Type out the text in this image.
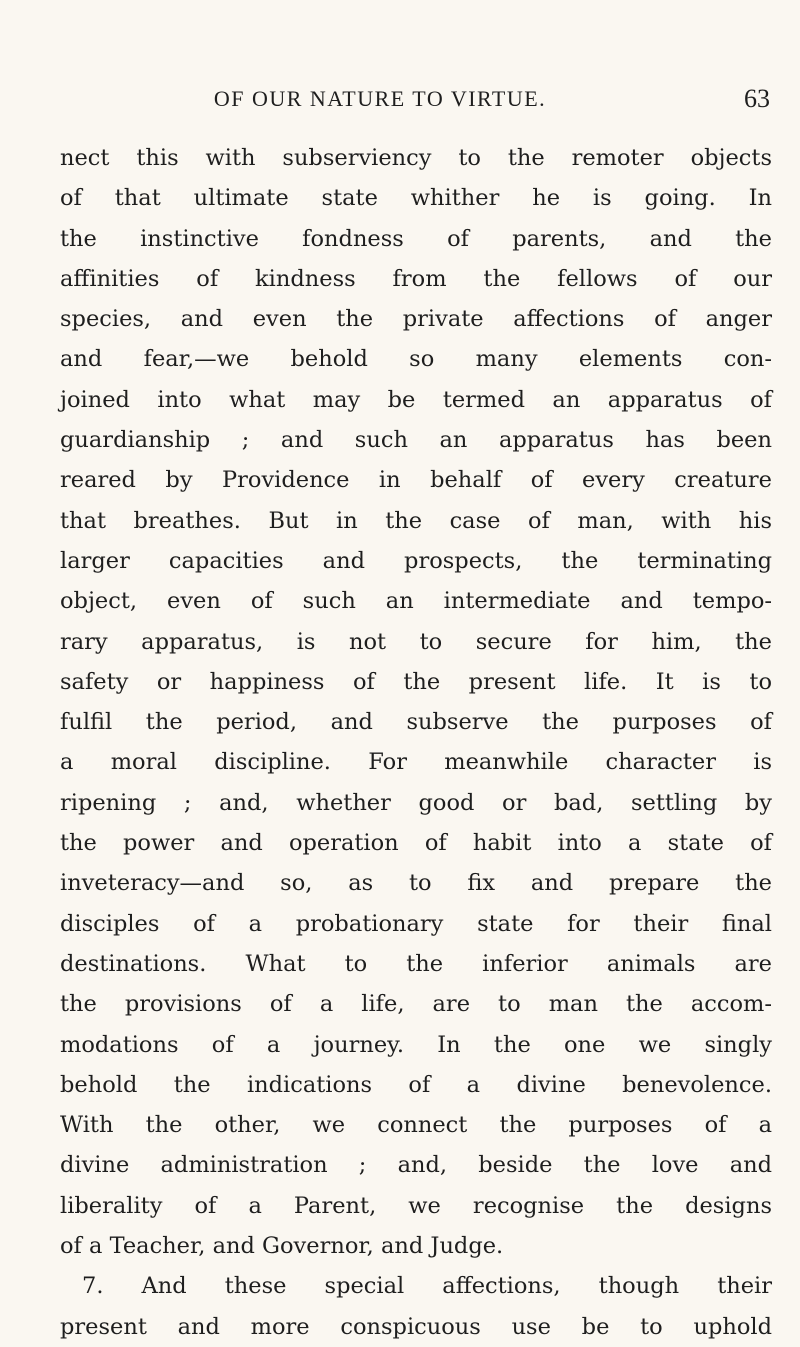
OF OUR NATURE TO VIRTUE.	63
nect this with subserviency to the remoter objects
of that ultimate state whither he is going. In
the instinctive fondness of parents, and the
affinities of kindness from the fellows of our
species, and even the private affections of anger
and fear,—we behold so many elements con-
joined into what may be termed an apparatus of
guardianship ; and such an apparatus has been
reared by Providence in behalf of every creature
that breathes. But in the case of man, with his
larger capacities and prospects, the terminating
object, even of such an intermediate and tempo-
rary apparatus, is not to secure for him, the
safety or happiness of the present life. It is to
fulfil the period, and subserve the purposes of
a moral discipline. For meanwhile character is
ripening ; and, whether good or bad, settling by
the power and operation of habit into a state of
inveteracy—and so, as to fix and prepare the
disciples of a probationary state for their final
destinations. What to the inferior animals are
the provisions of a life, are to man the accom-
modations of a journey. In the one we singly
behold the indications of a divine benevolence.
With the other, we connect the purposes of a
divine administration ; and, beside the love and
liberality of a Parent, we recognise the designs
of a Teacher, and Governor, and Judge.
7. And these special affections, though their
present and more conspicuous use be to uphold
